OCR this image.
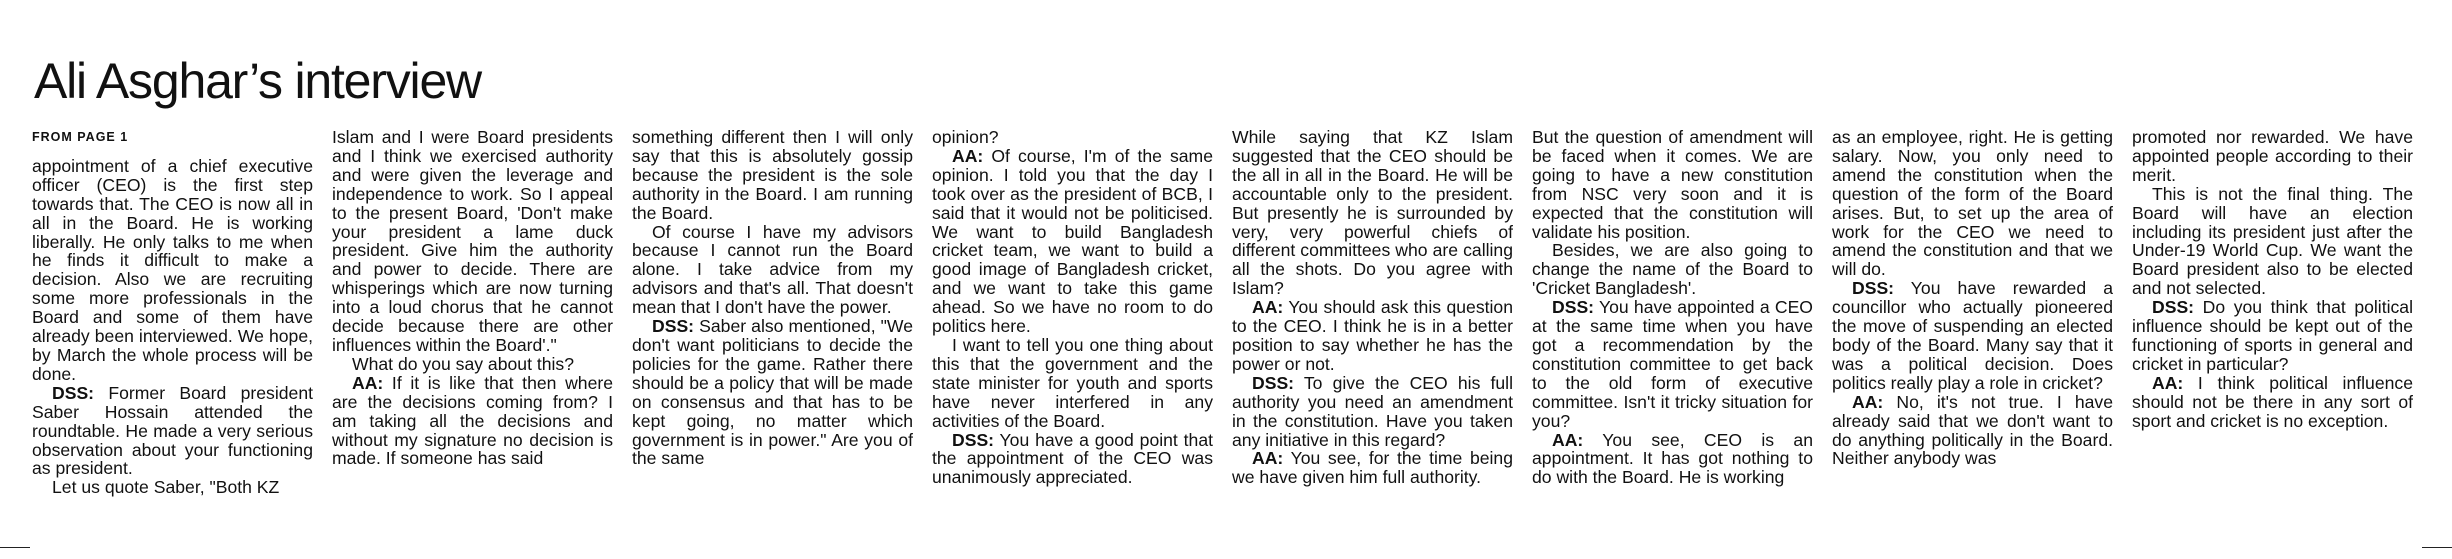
Ali Asghar’s interview
FROM PAGE 1

appointment of a chief executive officer (CEO) is the first step towards that. The CEO is now all in all in the Board. He is working liberally. He only talks to me when he finds it difficult to make a decision. Also we are recruiting some more professionals in the Board and some of them have already been interviewed. We hope, by March the whole process will be done.

DSS: Former Board president Saber Hossain attended the roundtable. He made a very serious observation about your functioning as president.

Let us quote Saber, "Both KZ

Islam and I were Board presidents and I think we exercised authority and were given the leverage and independence to work. So I appeal to the present Board, 'Don't make your president a lame duck president. Give him the authority and power to decide. There are whisperings which are now turning into a loud chorus that he cannot decide because there are other influences within the Board'."

What do you say about this?

AA: If it is like that then where are the decisions coming from? I am taking all the decisions and without my signature no decision is made. If someone has said

something different then I will only say that this is absolutely gossip because the president is the sole authority in the Board. I am running the Board.

Of course I have my advisors because I cannot run the Board alone. I take advice from my advisors and that's all. That doesn't mean that I don't have the power.

DSS: Saber also mentioned, "We don't want politicians to decide the policies for the game. Rather there should be a policy that will be made on consensus and that has to be kept going, no matter which government is in power." Are you of the same

opinion?

AA: Of course, I'm of the same opinion. I told you that the day I took over as the president of BCB, I said that it would not be politicised. We want to build Bangladesh cricket team, we want to build a good image of Bangladesh cricket, and we want to take this game ahead. So we have no room to do politics here.

I want to tell you one thing about this that the government and the state minister for youth and sports have never interfered in any activities of the Board.

DSS: You have a good point that the appointment of the CEO was unanimously appreciated.

While saying that KZ Islam suggested that the CEO should be the all in all in the Board. He will be accountable only to the president. But presently he is surrounded by very, very powerful chiefs of different committees who are calling all the shots. Do you agree with Islam?

AA: You should ask this question to the CEO. I think he is in a better position to say whether he has the power or not.

DSS: To give the CEO his full authority you need an amendment in the constitution. Have you taken any initiative in this regard?

AA: You see, for the time being we have given him full authority.

But the question of amendment will be faced when it comes. We are going to have a new constitution from NSC very soon and it is expected that the constitution will validate his position.

Besides, we are also going to change the name of the Board to 'Cricket Bangladesh'.

DSS: You have appointed a CEO at the same time when you have got a recommendation by the constitution committee to get back to the old form of executive committee. Isn't it tricky situation for you?

AA: You see, CEO is an appointment. It has got nothing to do with the Board. He is working

as an employee, right. He is getting salary. Now, you only need to amend the constitution when the question of the form of the Board arises. But, to set up the area of work for the CEO we need to amend the constitution and that we will do.

DSS: You have rewarded a councillor who actually pioneered the move of suspending an elected body of the Board. Many say that it was a political decision. Does politics really play a role in cricket?

AA: No, it's not true. I have already said that we don't want to do anything politically in the Board. Neither anybody was

promoted nor rewarded. We have appointed people according to their merit.

This is not the final thing. The Board will have an election including its president just after the Under-19 World Cup. We want the Board president also to be elected and not selected.

DSS: Do you think that political influence should be kept out of the functioning of sports in general and cricket in particular?

AA: I think political influence should not be there in any sort of sport and cricket is no exception.
